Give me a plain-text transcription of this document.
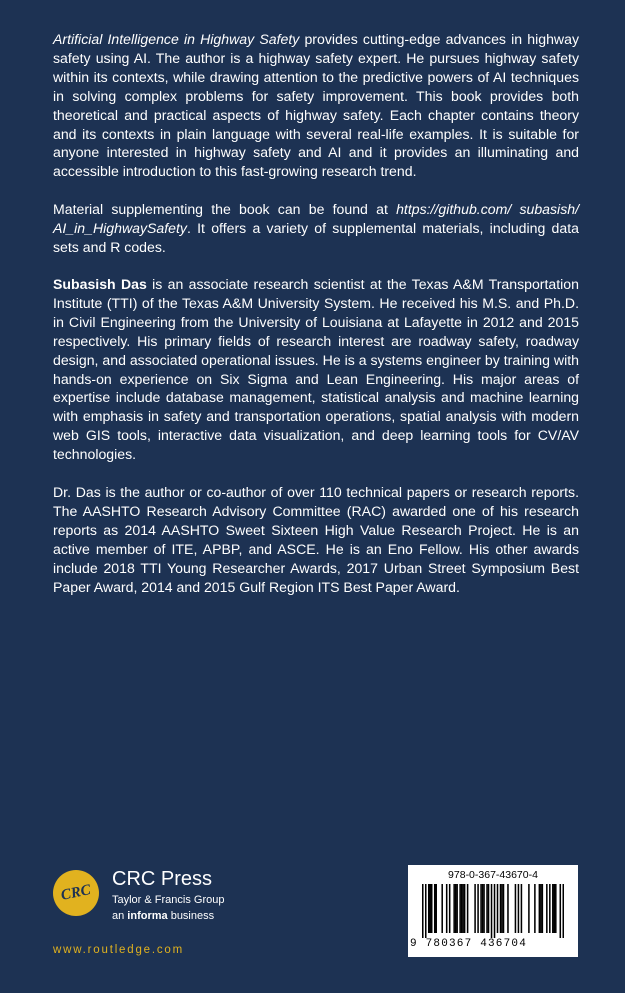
Artificial Intelligence in Highway Safety provides cutting-edge advances in highway safety using AI. The author is a highway safety expert. He pursues highway safety within its contexts, while drawing attention to the predictive powers of AI techniques in solving complex problems for safety improvement. This book provides both theoretical and practical aspects of highway safety. Each chapter contains theory and its contexts in plain language with several real-life examples. It is suitable for anyone interested in highway safety and AI and it provides an illuminating and accessible introduction to this fast-growing research trend.

Material supplementing the book can be found at https://github.com/ subasish/ AI_in_HighwaySafety. It offers a variety of supplemental materials, including data sets and R codes.

Subasish Das is an associate research scientist at the Texas A&M Transportation Institute (TTI) of the Texas A&M University System. He received his M.S. and Ph.D. in Civil Engineering from the University of Louisiana at Lafayette in 2012 and 2015 respectively. His primary fields of research interest are roadway safety, roadway design, and associated operational issues. He is a systems engineer by training with hands-on experience on Six Sigma and Lean Engineering. His major areas of expertise include database management, statistical analysis and machine learning with emphasis in safety and transportation operations, spatial analysis with modern web GIS tools, interactive data visualization, and deep learning tools for CV/AV technologies.

Dr. Das is the author or co-author of over 110 technical papers or research reports. The AASHTO Research Advisory Committee (RAC) awarded one of his research reports as 2014 AASHTO Sweet Sixteen High Value Research Project. He is an active member of ITE, APBP, and ASCE. He is an Eno Fellow. His other awards include 2018 TTI Young Researcher Awards, 2017 Urban Street Symposium Best Paper Award, 2014 and 2015 Gulf Region ITS Best Paper Award.

CRC
CRC Press
Taylor & Francis Group
an informa business
www.routledge.com
978-0-367-43670-4
9 780367 436704
